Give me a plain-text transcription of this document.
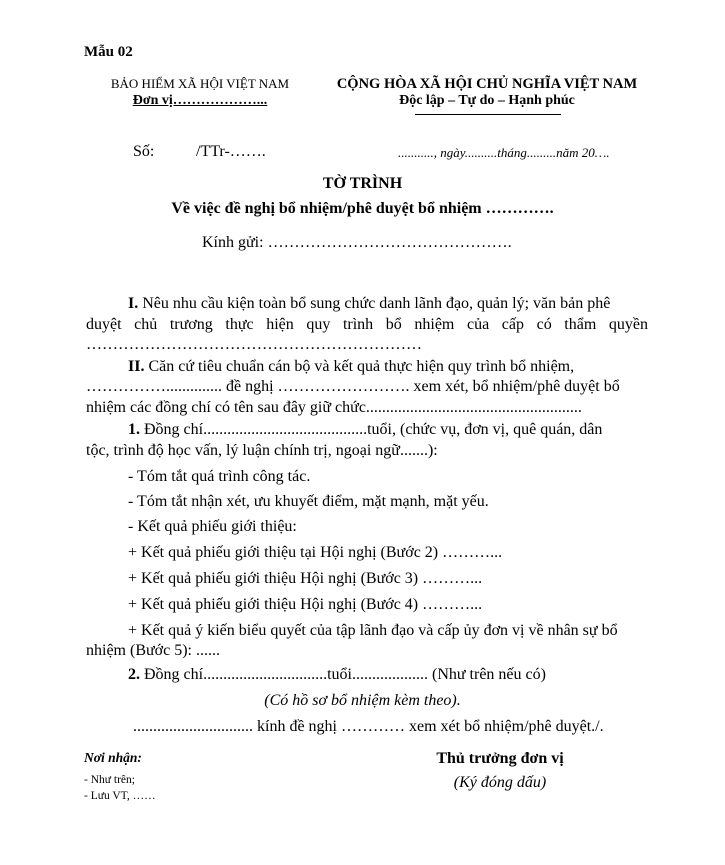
Mẫu 02
BẢO HIỂM XÃ HỘI VIỆT NAM
Đơn vị………………...
CỘNG HÒA XÃ HỘI CHỦ NGHĨA VIỆT NAM
Độc lập – Tự do – Hạnh phúc
Số:	/TTr-…….	..........., ngày..........tháng.........năm 20….
TỜ TRÌNH
Về việc đề nghị bổ nhiệm/phê duyệt bổ nhiệm ………….
Kính gửi: ……………………………………….
I. Nêu nhu cầu kiện toàn bổ sung chức danh lãnh đạo, quản lý; văn bản phê
duyệt chủ trương thực hiện quy trình bổ nhiệm của cấp có thẩm quyền
………………………………………………………
II. Căn cứ tiêu chuẩn cán bộ và kết quả thực hiện quy trình bổ nhiệm,
…………….............. đề nghị ……………………. xem xét, bổ nhiệm/phê duyệt bổ
nhiệm các đồng chí có tên sau đây giữ chức......................................................
1. Đồng chí.........................................tuổi, (chức vụ, đơn vị, quê quán, dân
tộc, trình độ học vấn, lý luận chính trị, ngoại ngữ.......):
- Tóm tắt quá trình công tác.
- Tóm tắt nhận xét, ưu khuyết điểm, mặt mạnh, mặt yếu.
- Kết quả phiếu giới thiệu:
+ Kết quả phiếu giới thiệu tại Hội nghị (Bước 2) ………...
+ Kết quả phiếu giới thiệu Hội nghị (Bước 3) ………...
+ Kết quả phiếu giới thiệu Hội nghị (Bước 4) ………...
+ Kết quả ý kiến biểu quyết của tập lãnh đạo và cấp ủy đơn vị về nhân sự bổ
nhiệm (Bước 5): ......
2. Đồng chí...............................tuổi................... (Như trên nếu có)
(Có hồ sơ bổ nhiệm kèm theo).
.............................. kính đề nghị ………… xem xét bổ nhiệm/phê duyệt./.
Nơi nhận:
- Như trên;
- Lưu VT, ……
Thủ trưởng đơn vị
(Ký đóng dấu)
